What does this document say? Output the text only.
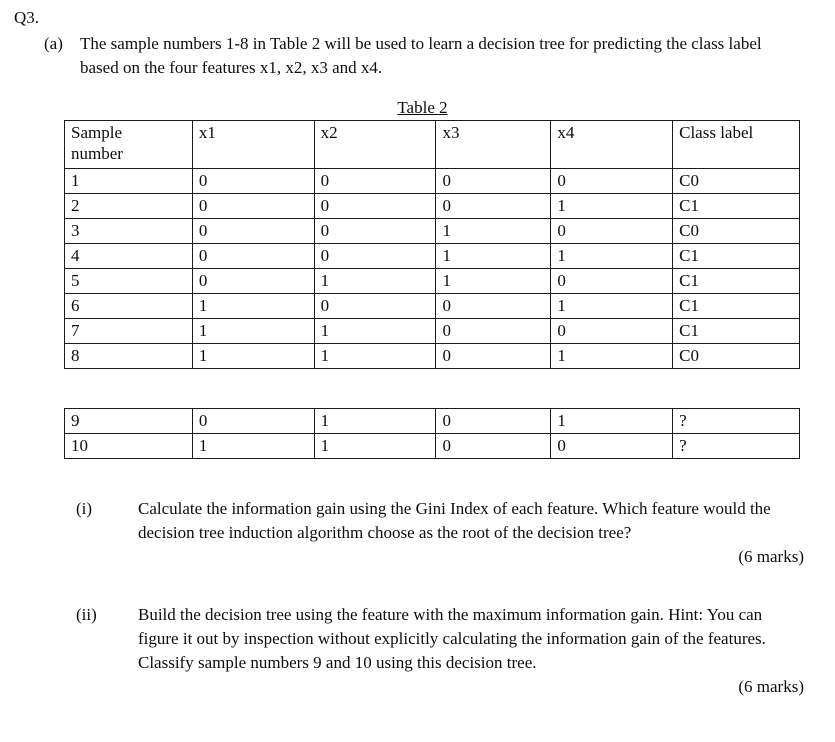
Q3.
(a)	The sample numbers 1-8 in Table 2 will be used to learn a decision tree for predicting the class label based on the four features x1, x2, x3 and x4.
Table 2
Sample
number	x1	x2	x3	x4	Class label
1	0	0	0	0	C0
2	0	0	0	1	C1
3	0	0	1	0	C0
4	0	0	1	1	C1
5	0	1	1	0	C1
6	1	0	0	1	C1
7	1	1	0	0	C1
8	1	1	0	1	C0
9	0	1	0	1	?
10	1	1	0	0	?
(i)	Calculate the information gain using the Gini Index of each feature. Which feature would the decision tree induction algorithm choose as the root of the decision tree?
(6 marks)
(ii)	Build the decision tree using the feature with the maximum information gain. Hint: You can figure it out by inspection without explicitly calculating the information gain of the features.
Classify sample numbers 9 and 10 using this decision tree.
(6 marks)
